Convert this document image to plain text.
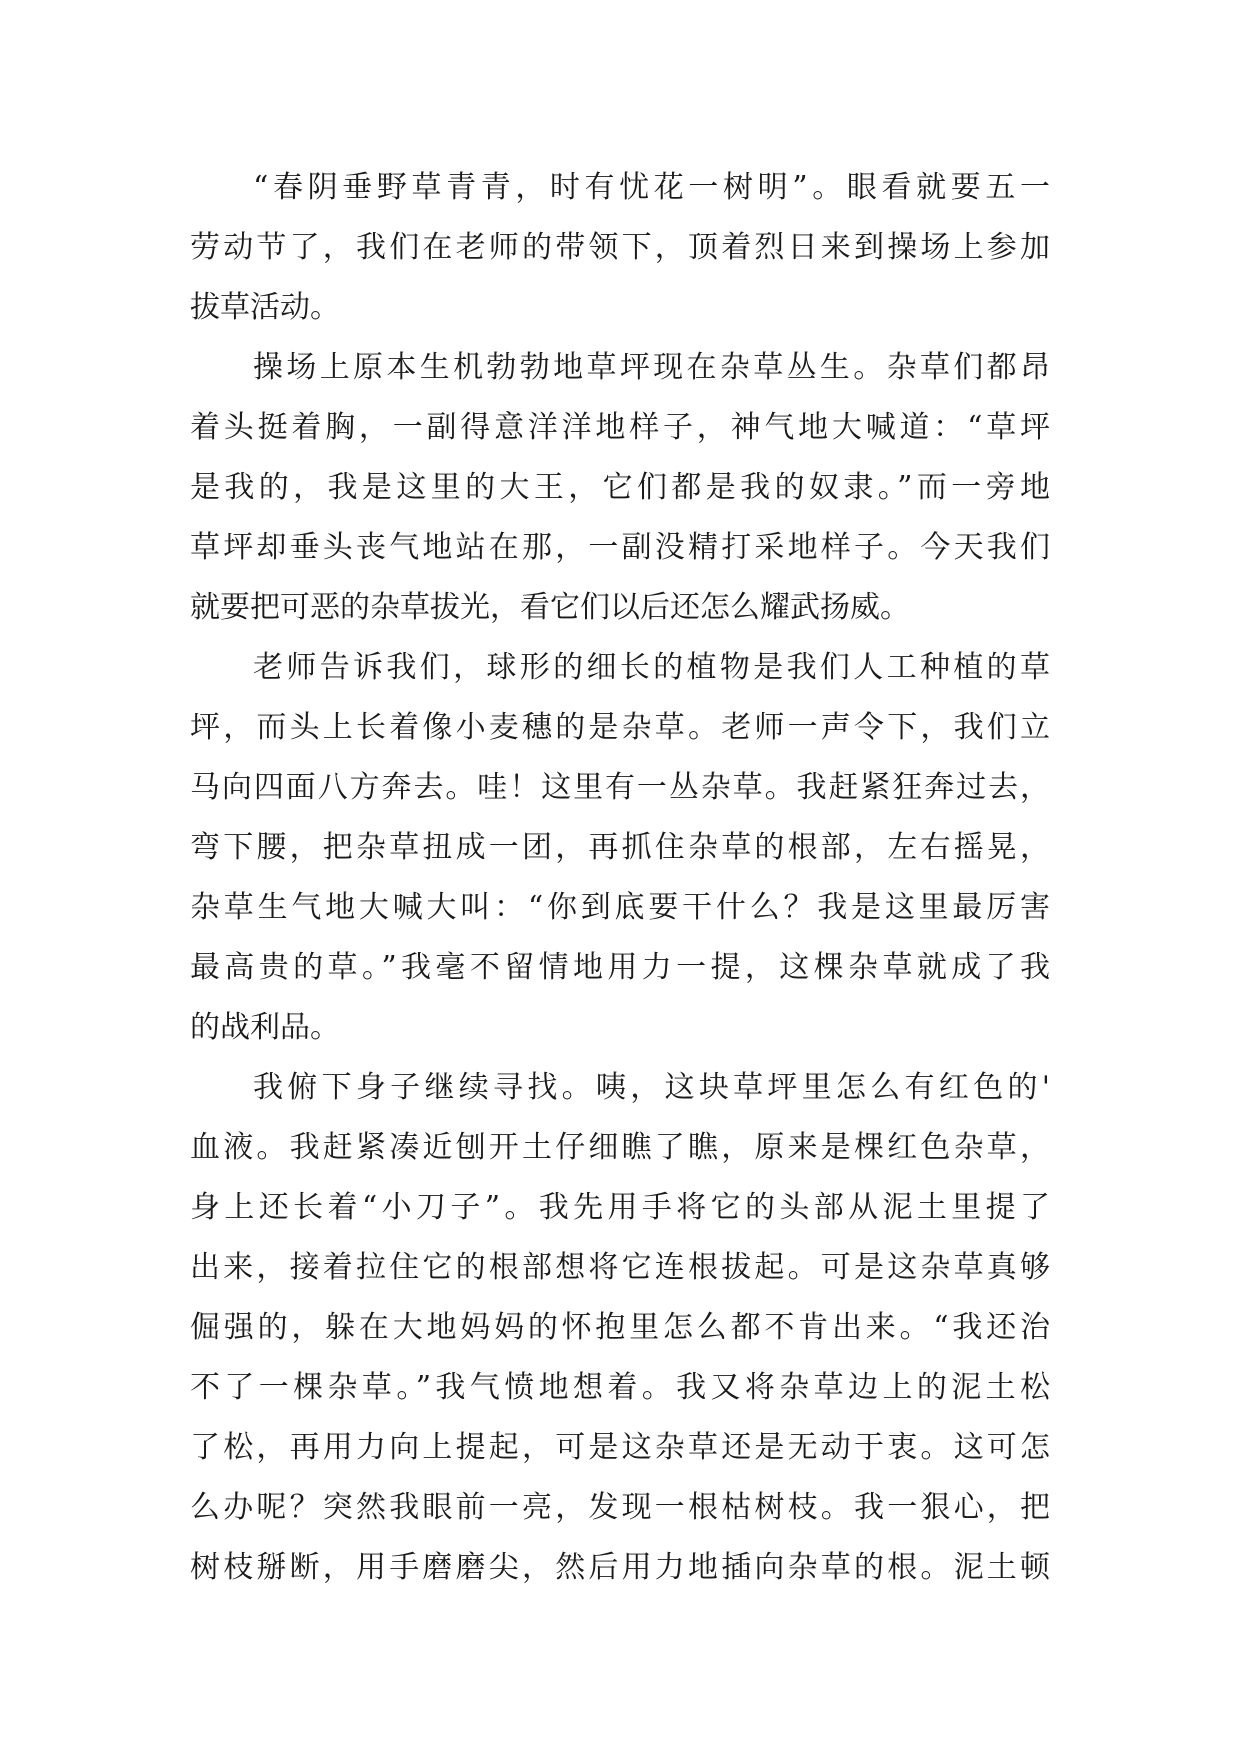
“春阴垂野草青青，时有忧花一树明”。眼看就要五一
劳动节了，我们在老师的带领下，顶着烈日来到操场上参加
拔草活动。
操场上原本生机勃勃地草坪现在杂草丛生。杂草们都昂
着头挺着胸，一副得意洋洋地样子，神气地大喊道：“草坪
是我的，我是这里的大王，它们都是我的奴隶。”而一旁地
草坪却垂头丧气地站在那，一副没精打采地样子。今天我们
就要把可恶的杂草拔光，看它们以后还怎么耀武扬威。
老师告诉我们，球形的细长的植物是我们人工种植的草
坪，而头上长着像小麦穗的是杂草。老师一声令下，我们立
马向四面八方奔去。哇！这里有一丛杂草。我赶紧狂奔过去，
弯下腰，把杂草扭成一团，再抓住杂草的根部，左右摇晃，
杂草生气地大喊大叫：“你到底要干什么？我是这里最厉害
最高贵的草。”我毫不留情地用力一提，这棵杂草就成了我
的战利品。
我俯下身子继续寻找。咦，这块草坪里怎么有红色的'
血液。我赶紧凑近刨开土仔细瞧了瞧，原来是棵红色杂草，
身上还长着“小刀子”。我先用手将它的头部从泥土里提了
出来，接着拉住它的根部想将它连根拔起。可是这杂草真够
倔强的，躲在大地妈妈的怀抱里怎么都不肯出来。“我还治
不了一棵杂草。”我气愤地想着。我又将杂草边上的泥土松
了松，再用力向上提起，可是这杂草还是无动于衷。这可怎
么办呢？突然我眼前一亮，发现一根枯树枝。我一狠心，把
树枝掰断，用手磨磨尖，然后用力地插向杂草的根。泥土顿
